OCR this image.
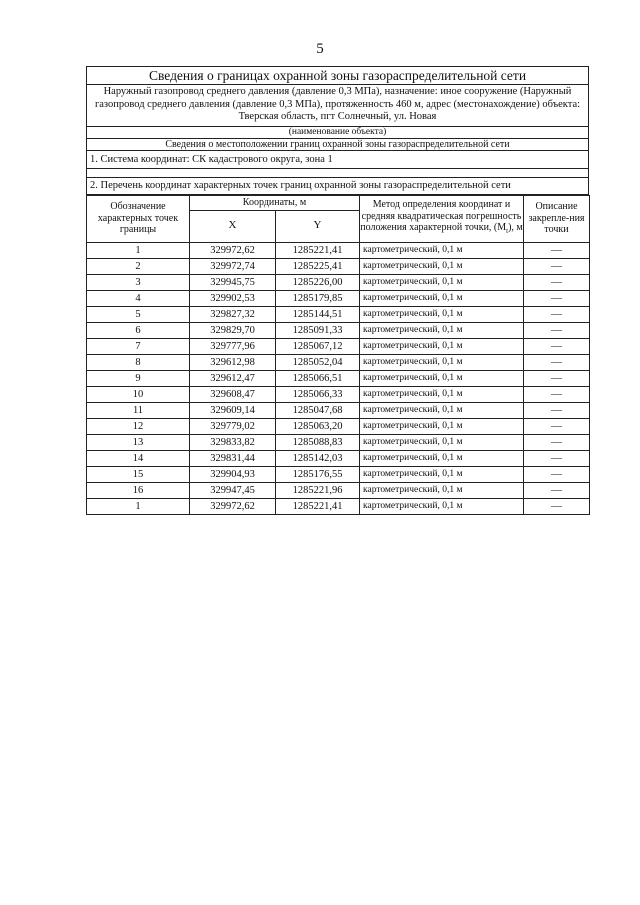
5
Сведения о границах охранной зоны газораспределительной сети
Наружный газопровод среднего давления (давление 0,3 МПа), назначение: иное сооружение (Наружный газопровод среднего давления (давление 0,3 МПа), протяженность 460 м, адрес (местонахождение) объекта: Тверская область, пгт Солнечный, ул. Новая
(наименование объекта)
Сведения о местоположении границ охранной зоны газораспределительной сети
1. Система координат: СК кадастрового округа, зона 1
2. Перечень координат характерных точек границ охранной зоны газораспределительной сети
Обозначение характерных точек границы	Координаты, м		Метод определения координат и средняя квадратическая погрешность положения характерной точки, $(M_t)$, м	Описание закрепле-ния точки
	X	Y		
1	329972,62	1285221,41	картометрический, 0,1 м	—
2	329972,74	1285225,41	картометрический, 0,1 м	—
3	329945,75	1285226,00	картометрический, 0,1 м	—
4	329902,53	1285179,85	картометрический, 0,1 м	—
5	329827,32	1285144,51	картометрический, 0,1 м	—
6	329829,70	1285091,33	картометрический, 0,1 м	—
7	329777,96	1285067,12	картометрический, 0,1 м	—
8	329612,98	1285052,04	картометрический, 0,1 м	—
9	329612,47	1285066,51	картометрический, 0,1 м	—
10	329608,47	1285066,33	картометрический, 0,1 м	—
11	329609,14	1285047,68	картометрический, 0,1 м	—
12	329779,02	1285063,20	картометрический, 0,1 м	—
13	329833,82	1285088,83	картометрический, 0,1 м	—
14	329831,44	1285142,03	картометрический, 0,1 м	—
15	329904,93	1285176,55	картометрический, 0,1 м	—
16	329947,45	1285221,96	картометрический, 0,1 м	—
1	329972,62	1285221,41	картометрический, 0,1 м	—
